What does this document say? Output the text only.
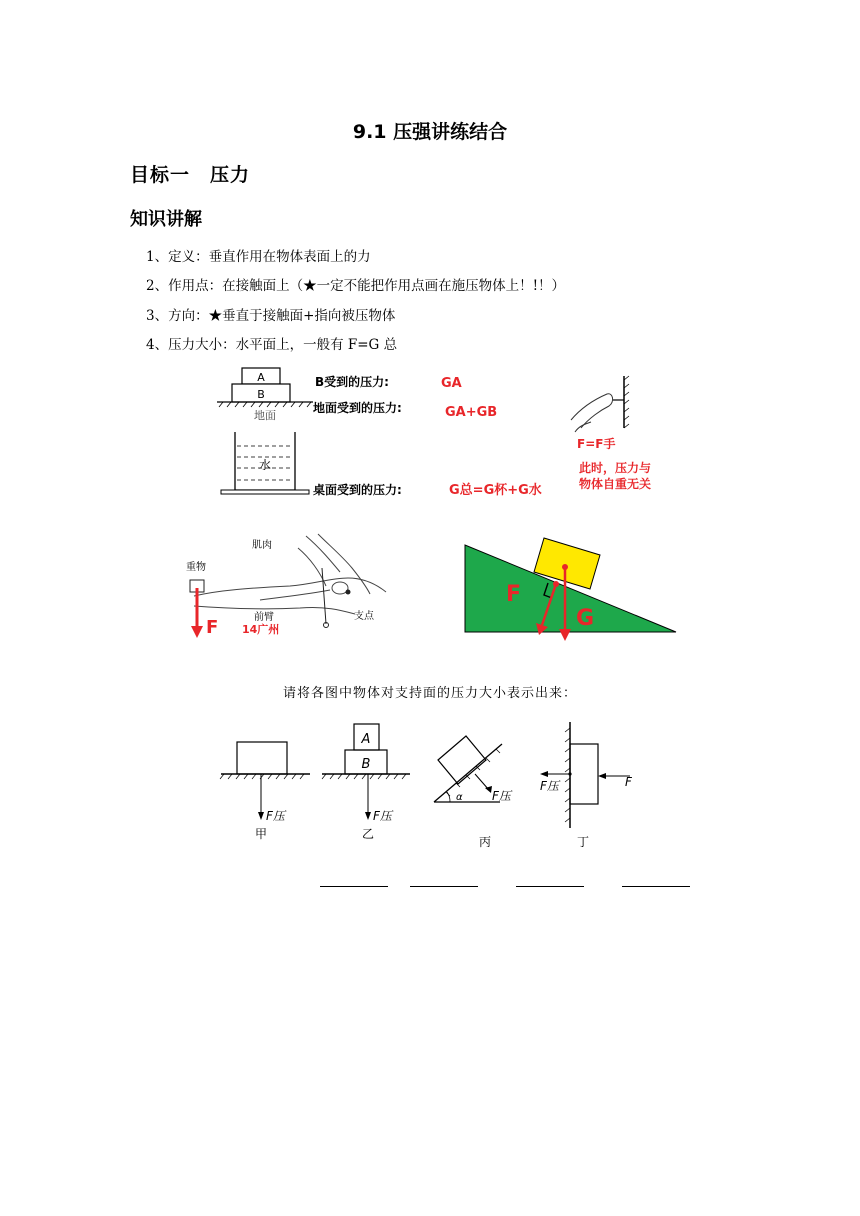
9.1 压强讲练结合
目标一　压力
知识讲解
1、定义：垂直作用在物体表面上的力
2、作用点：在接触面上（★一定不能把作用点画在施压物体上！!！）
3、方向：★垂直于接触面+指向被压物体
4、压力大小：水平面上，一般有 F=G 总
A
B
地面
水
B受到的压力:	GA
地面受到的压力:	GA+GB
桌面受到的压力:	G总=G杯+G水
F=F手
此时，压力与
物体自重无关
肌肉
重物
前臂	支点
14广州
F
F
G
请将各图中物体对支持面的压力大小表示出来：
F压	F压
F压
F压	F
A
B
α
甲	乙
丙	丁
